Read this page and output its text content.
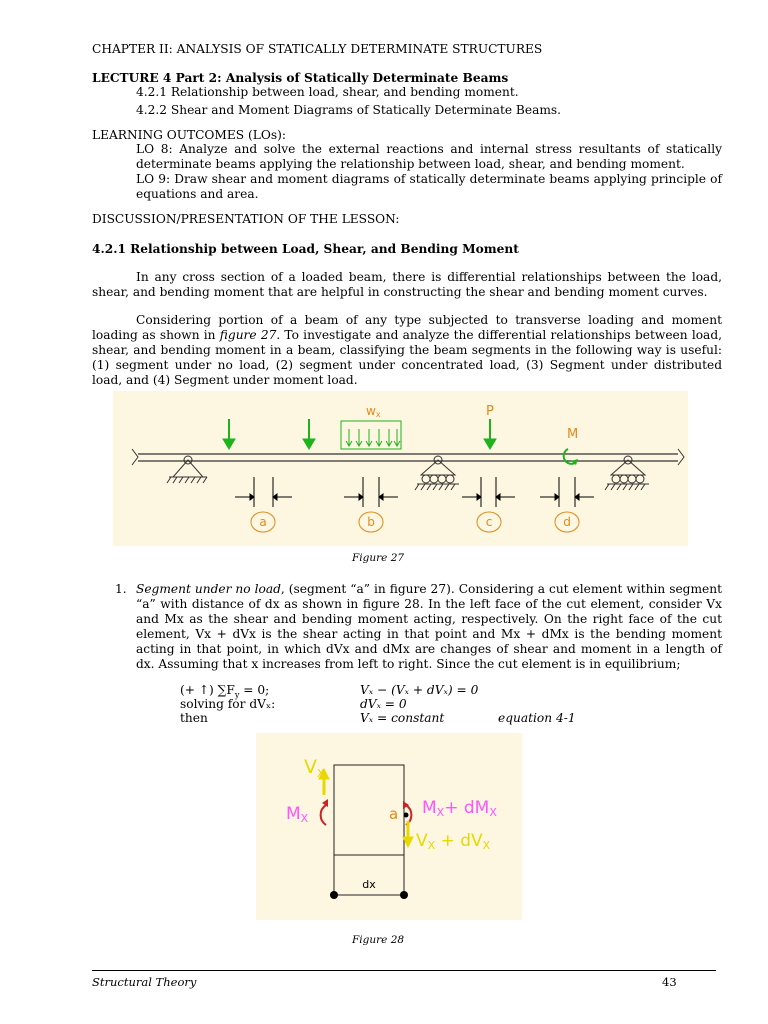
CHAPTER II: ANALYSIS OF STATICALLY DETERMINATE STRUCTURES
LECTURE 4 Part 2: Analysis of Statically Determinate Beams
4.2.1 Relationship between load, shear, and bending moment.
4.2.2 Shear and Moment Diagrams of Statically Determinate Beams.
LEARNING OUTCOMES (LOs):
LO 8: Analyze and solve the external reactions and internal stress resultants of statically determinate beams applying the relationship between load, shear, and bending moment.
LO 9: Draw shear and moment diagrams of statically determinate beams applying principle of equations and area.
DISCUSSION/PRESENTATION OF THE LESSON:
4.2.1 Relationship between Load, Shear, and Bending Moment
In any cross section of a loaded beam, there is differential relationships between the load, shear, and bending moment that are helpful in constructing the shear and bending moment curves.
Considering portion of a beam of any type subjected to transverse loading and moment loading as shown in figure 27. To investigate and analyze the differential relationships between load, shear, and bending moment in a beam, classifying the beam segments in the following way is useful: (1) segment under no load, (2) segment under concentrated load, (3) Segment under distributed load, and (4) Segment under moment load.
wx	P
M
a	b	c	d
Figure 27
1. Segment under no load, (segment “a” in figure 27). Considering a cut element within segment “a” with distance of dx as shown in figure 28. In the left face of the cut element, consider Vx and Mx as the shear and bending moment acting, respectively. On the right face of the cut element, Vx + dVx is the shear acting in that point and Mx + dMx is the bending moment acting in that point, in which dVx and dMx are changes of shear and moment in a length of dx. Assuming that x increases from left to right. Since the cut element is in equilibrium;
(+ ↑) $\sum F_y = 0$;	Vₓ − (Vₓ + dVₓ) = 0
solving for dVₓ:	dVₓ = 0
then	Vₓ = constant	equation 4-1
dx
$V_X$
MX	a MX+ dMX
VX + dVX
Figure 28
Structural Theory	43
